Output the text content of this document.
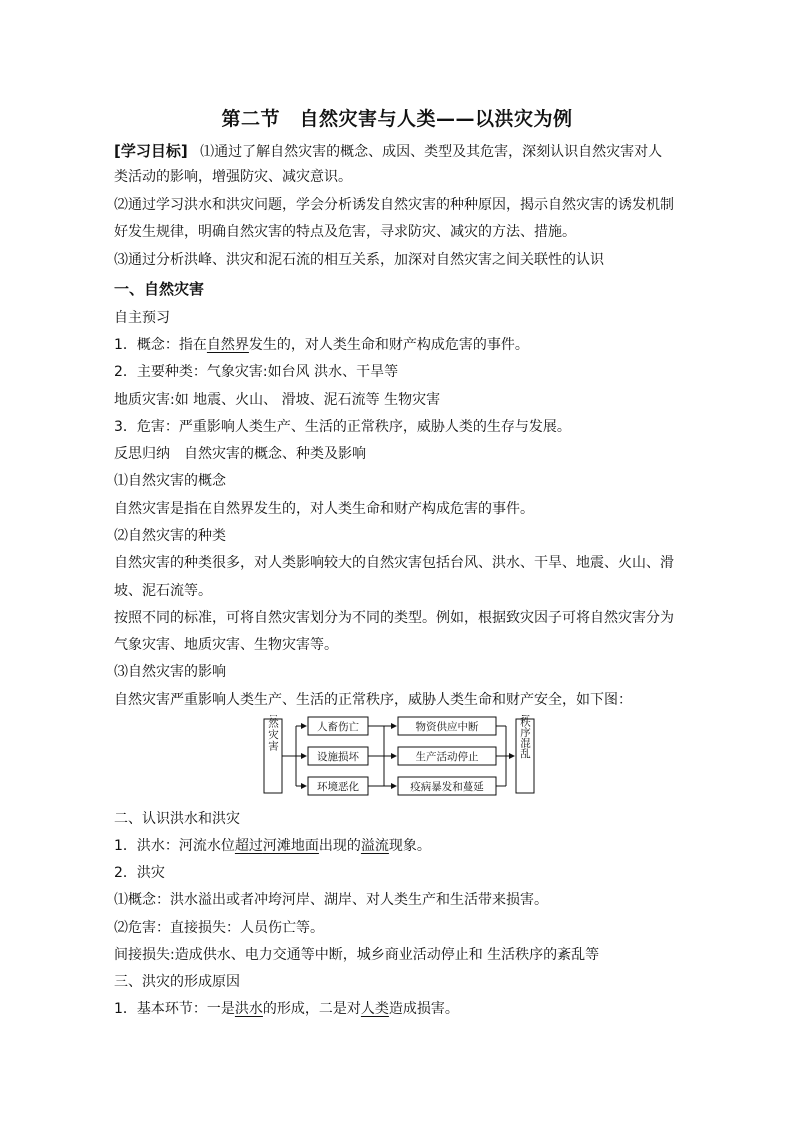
第二节　自然灾害与人类——以洪灾为例
[学习目标] ⑴通过了解自然灾害的概念、成因、类型及其危害，深刻认识自然灾害对人
类活动的影响，增强防灾、减灾意识。
⑵通过学习洪水和洪灾问题，学会分析诱发自然灾害的种种原因，揭示自然灾害的诱发机制
好发生规律，明确自然灾害的特点及危害，寻求防灾、减灾的方法、措施。
⑶通过分析洪峰、洪灾和泥石流的相互关系，加深对自然灾害之间关联性的认识
一、自然灾害
自主预习
1．概念：指在自然界发生的，对人类生命和财产构成危害的事件。
2．主要种类：气象灾害:如台风 洪水、干旱等
地质灾害:如 地震、火山、 滑坡、泥石流等 生物灾害
3．危害：严重影响人类生产、生活的正常秩序，威胁人类的生存与发展。
反思归纳　自然灾害的概念、种类及影响
⑴自然灾害的概念
自然灾害是指在自然界发生的，对人类生命和财产构成危害的事件。
⑵自然灾害的种类
自然灾害的种类很多，对人类影响较大的自然灾害包括台风、洪水、干旱、地震、火山、滑
坡、泥石流等。
按照不同的标准，可将自然灾害划分为不同的类型。例如，根据致灾因子可将自然灾害分为
气象灾害、地质灾害、生物灾害等。
⑶自然灾害的影响
自然灾害严重影响人类生产、生活的正常秩序，威胁人类生命和财产安全，如下图：
自然灾害	人畜伤亡
设施损坏
环境恶化
物资供应中断
生产活动停止
疫病暴发和蔓延
社会秩序混乱
二、认识洪水和洪灾
1．洪水：河流水位超过河滩地面出现的溢流现象。
2．洪灾
⑴概念：洪水溢出或者冲垮河岸、湖岸、对人类生产和生活带来损害。
⑵危害：直接损失：人员伤亡等。
间接损失:造成供水、电力交通等中断，城乡商业活动停止和 生活秩序的紊乱等
三、洪灾的形成原因
1．基本环节：一是洪水的形成，二是对人类造成损害。
